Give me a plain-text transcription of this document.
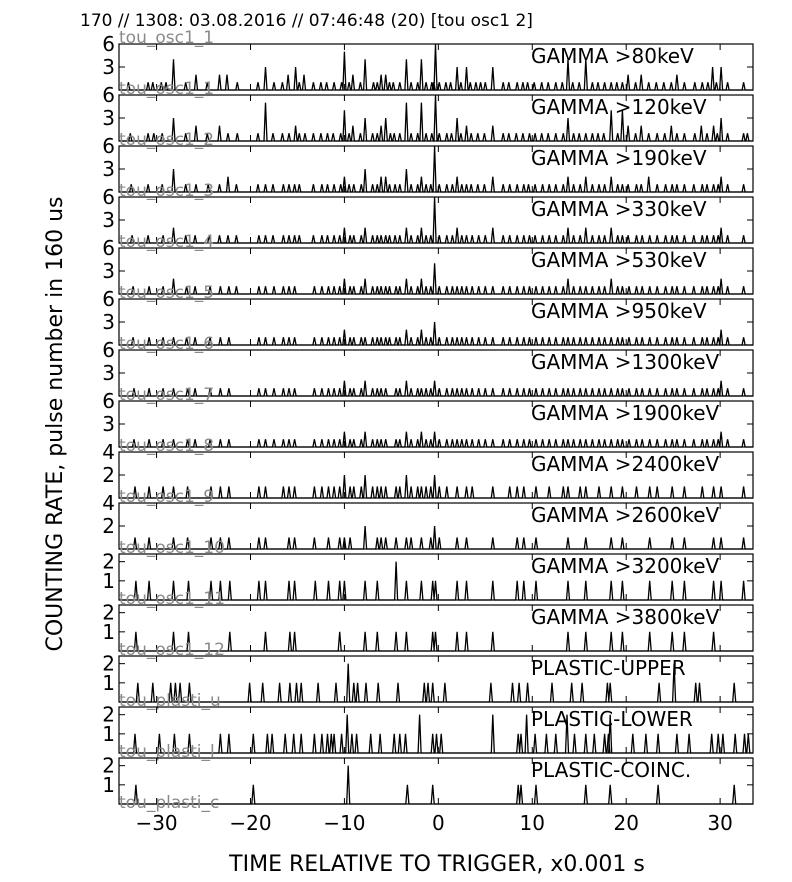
170 // 1308: 03.08.2016 // 07:46:48 (20) [tou osc1 2]
3
6	GAMMA >80keV
tou_osc1_1
3
6	GAMMA >120keV
tou_osc1_2
3
6	GAMMA >190keV
tou_osc1_3
3
6	GAMMA >330keV
tou_osc1_4
3
6	GAMMA >530keV
tou_osc1_5
3
6	GAMMA >950keV
tou_osc1_6
3
6	GAMMA >1300keV
tou_osc1_7
3
6	GAMMA >1900keV
tou_osc1_8
2
4	GAMMA >2400keV
tou_osc1_9
2
4	GAMMA >2600keV
tou_osc1_10
1
2	GAMMA >3200keV
tou_osc1_11
1
2	GAMMA >3800keV
tou_osc1_12
1
2	PLASTIC-UPPER
tou_plasti_u
1
2	PLASTIC-LOWER
tou_plasti_l
1
2	PLASTIC-COINC.
tou_plasti_c
tou_osc1_1
−30	−20	−10	0	10	20	30
TIME RELATIVE TO TRIGGER, x0.001 s
COUNTING RATE, pulse number in 160 us
